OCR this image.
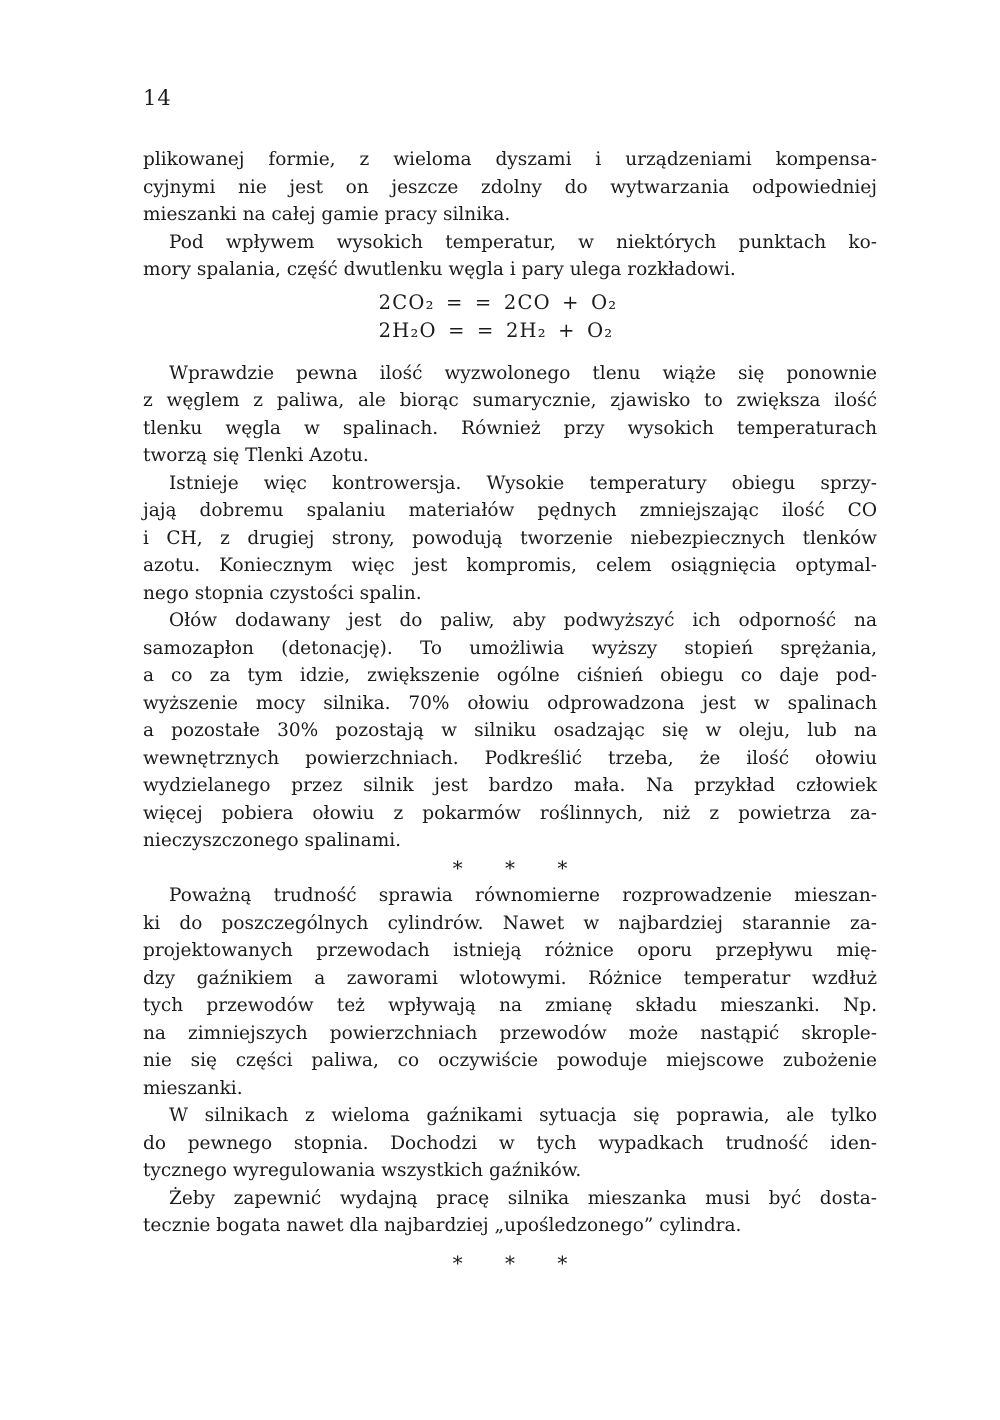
14
plikowanej formie, z wieloma dyszami i urządzeniami kompensa-
cyjnymi nie jest on jeszcze zdolny do wytwarzania odpowiedniej
mieszanki na całej gamie pracy silnika.
Pod wpływem wysokich temperatur, w niektórych punktach ko-
mory spalania, część dwutlenku węgla i pary ulega rozkładowi.
2CO₂ = = 2CO + O₂
2H₂O = = 2H₂ + O₂
Wprawdzie pewna ilość wyzwolonego tlenu wiąże się ponownie
z węglem z paliwa, ale biorąc sumarycznie, zjawisko to zwiększa ilość
tlenku węgla w spalinach. Również przy wysokich temperaturach
tworzą się Tlenki Azotu.
Istnieje więc kontrowersja. Wysokie temperatury obiegu sprzy-
jają dobremu spalaniu materiałów pędnych zmniejszając ilość CO
i CH, z drugiej strony, powodują tworzenie niebezpiecznych tlenków
azotu. Koniecznym więc jest kompromis, celem osiągnięcia optymal-
nego stopnia czystości spalin.
Ołów dodawany jest do paliw, aby podwyższyć ich odporność na
samozapłon (detonację). To umożliwia wyższy stopień sprężania,
a co za tym idzie, zwiększenie ogólne ciśnień obiegu co daje pod-
wyższenie mocy silnika. 70% ołowiu odprowadzona jest w spalinach
a pozostałe 30% pozostają w silniku osadzając się w oleju, lub na
wewnętrznych powierzchniach. Podkreślić trzeba, że ilość ołowiu
wydzielanego przez silnik jest bardzo mała. Na przykład człowiek
więcej pobiera ołowiu z pokarmów roślinnych, niż z powietrza za-
nieczyszczonego spalinami.
* * *
Poważną trudność sprawia równomierne rozprowadzenie mieszan-
ki do poszczególnych cylindrów. Nawet w najbardziej starannie za-
projektowanych przewodach istnieją różnice oporu przepływu mię-
dzy gaźnikiem a zaworami wlotowymi. Różnice temperatur wzdłuż
tych przewodów też wpływają na zmianę składu mieszanki. Np.
na zimniejszych powierzchniach przewodów może nastąpić skrople-
nie się części paliwa, co oczywiście powoduje miejscowe zubożenie
mieszanki.
W silnikach z wieloma gaźnikami sytuacja się poprawia, ale tylko
do pewnego stopnia. Dochodzi w tych wypadkach trudność iden-
tycznego wyregulowania wszystkich gaźników.
Żeby zapewnić wydajną pracę silnika mieszanka musi być dosta-
tecznie bogata nawet dla najbardziej „upośledzonego” cylindra.
* * *
